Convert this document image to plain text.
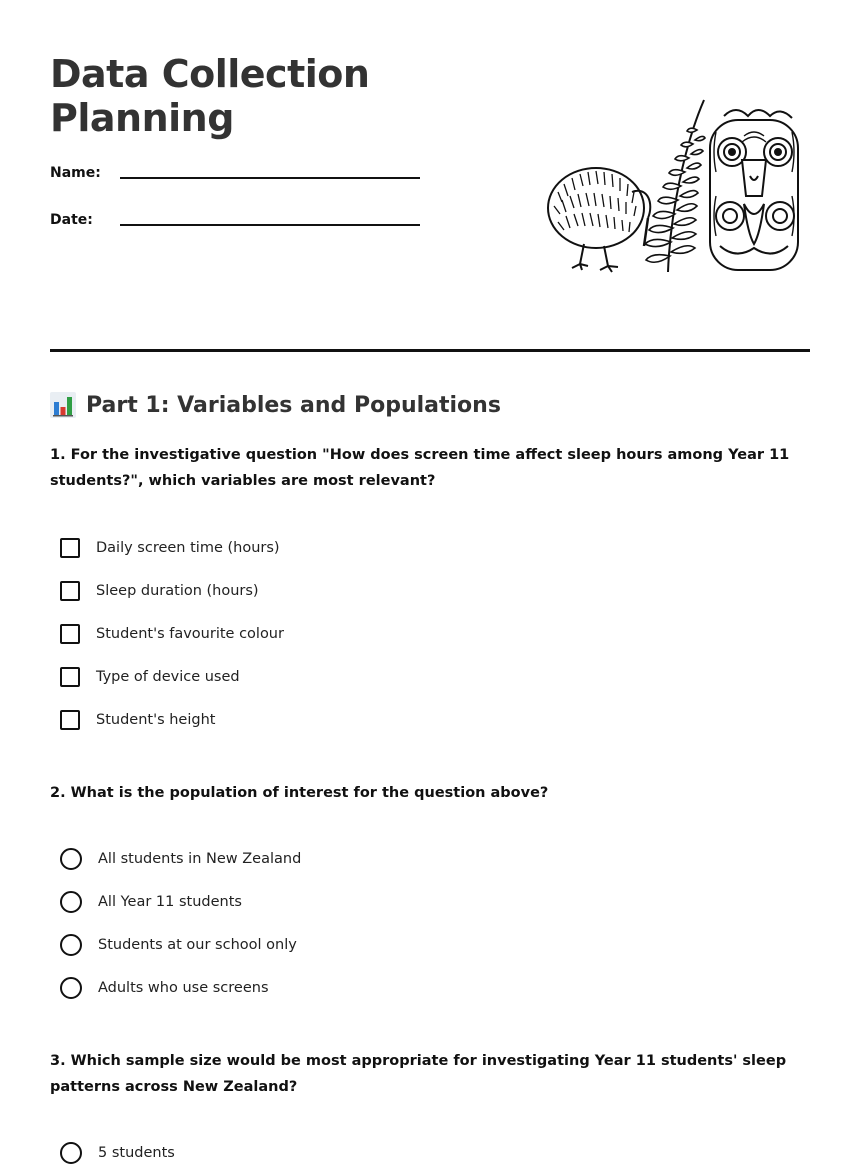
Data Collection
Planning
Name:
Date:
Part 1: Variables and Populations

1. For the investigative question "How does screen time affect sleep hours among Year 11 students?", which variables are most relevant?

Daily screen time (hours)
Sleep duration (hours)
Student's favourite colour
Type of device used
Student's height

2. What is the population of interest for the question above?

All students in New Zealand
All Year 11 students
Students at our school only
Adults who use screens

3. Which sample size would be most appropriate for investigating Year 11 students' sleep patterns across New Zealand?

5 students
